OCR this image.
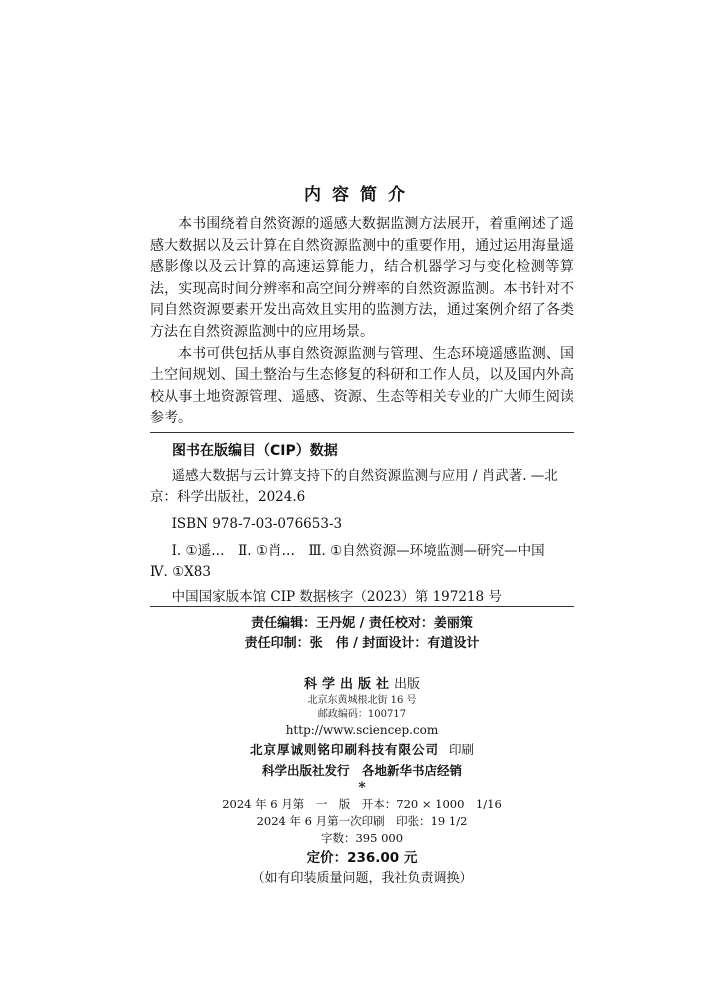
内容简介

本书围绕着自然资源的遥感大数据监测方法展开，着重阐述了遥感大数据以及云计算在自然资源监测中的重要作用，通过运用海量遥感影像以及云计算的高速运算能力，结合机器学习与变化检测等算法，实现高时间分辨率和高空间分辨率的自然资源监测。本书针对不同自然资源要素开发出高效且实用的监测方法，通过案例介绍了各类方法在自然资源监测中的应用场景。

本书可供包括从事自然资源监测与管理、生态环境遥感监测、国土空间规划、国土整治与生态修复的科研和工作人员，以及国内外高校从事土地资源管理、遥感、资源、生态等相关专业的广大师生阅读参考。

图书在版编目（CIP）数据

遥感大数据与云计算支持下的自然资源监测与应用 / 肖武著. —北京：科学出版社，2024.6

ISBN 978-7-03-076653-3

Ⅰ. ①遥…　Ⅱ. ①肖…　Ⅲ. ①自然资源—环境监测—研究—中国　Ⅳ. ①X83

中国国家版本馆 CIP 数据核字（2023）第 197218 号

责任编辑：王丹妮 / 责任校对：姜丽策
责任印制：张　伟 / 封面设计：有道设计
科学出版社出版
北京东黄城根北街 16 号
邮政编码：100717
http://www.sciencep.com
北京厚诚则铭印刷科技有限公司 印刷
科学出版社发行　各地新华书店经销
*
2024 年 6 月第　一　版　开本：720 × 1000　1/16
2024 年 6 月第一次印刷　印张：19 1/2
字数：395 000
定价：236.00 元
（如有印装质量问题，我社负责调换）
